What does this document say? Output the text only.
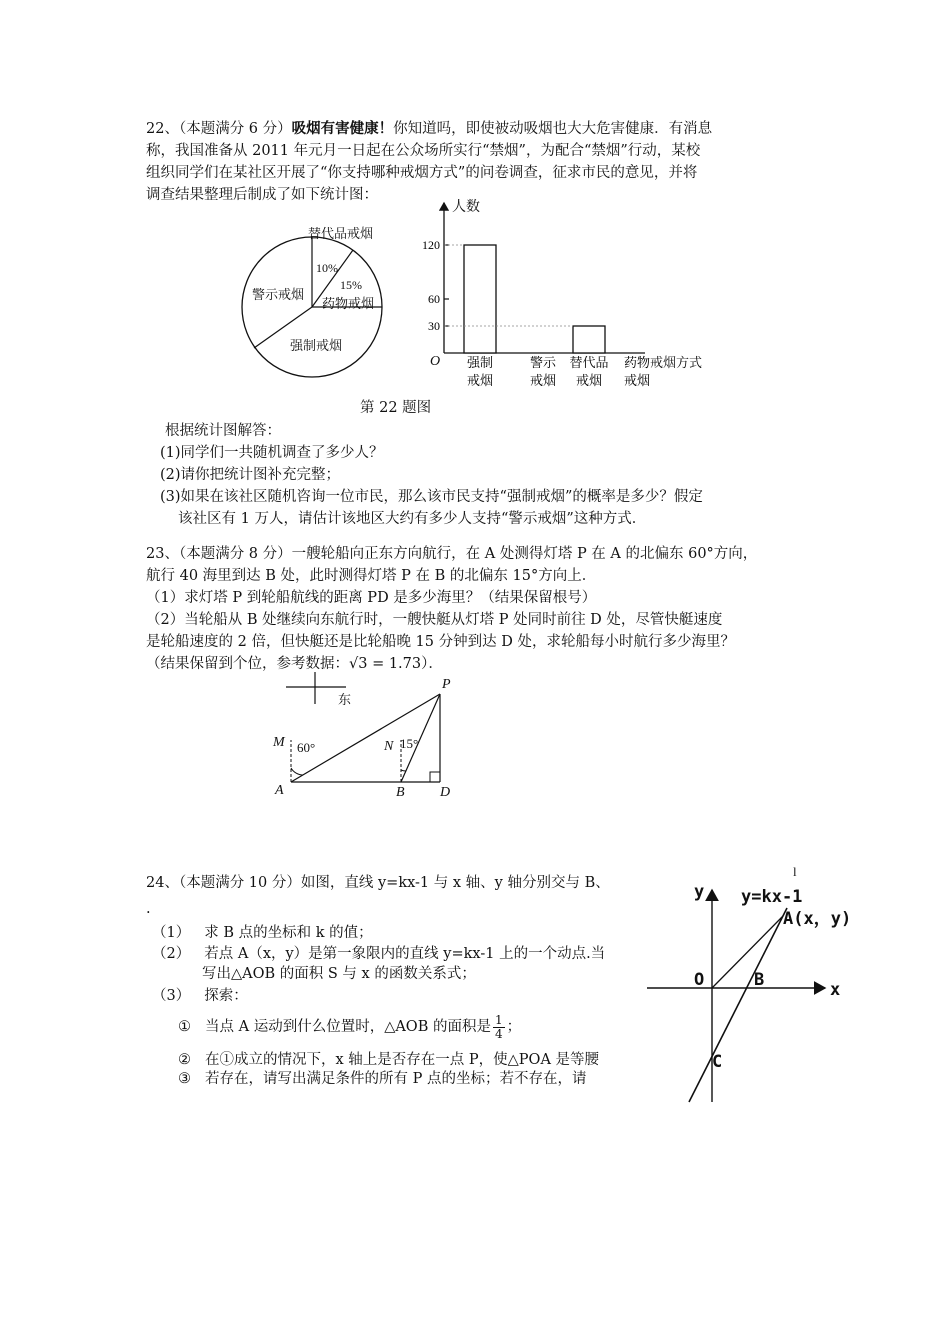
22、（本题满分 6 分）吸烟有害健康！你知道吗，即使被动吸烟也大大危害健康．有消息
称，我国准备从 2011 年元月一日起在公众场所实行“禁烟”，为配合“禁烟”行动，某校
组织同学们在某社区开展了“你支持哪种戒烟方式”的问卷调查，征求市民的意见，并将
调查结果整理后制成了如下统计图：
替代品戒烟
10%
15%
药物戒烟
警示戒烟
强制戒烟
人数
O	戒烟方式
30
60
120
强制
戒烟
警示
戒烟
替代品
戒烟
药物
戒烟
第 22 题图
根据统计图解答：
(1)同学们一共随机调查了多少人？
(2)请你把统计图补充完整；
(3)如果在该社区随机咨询一位市民，那么该市民支持“强制戒烟”的概率是多少？假定
该社区有 1 万人，请估计该地区大约有多少人支持“警示戒烟”这种方式．
23、（本题满分 8 分）一艘轮船向正东方向航行，在 A 处测得灯塔 P 在 A 的北偏东 60°方向，
航行 40 海里到达 B 处，此时测得灯塔 P 在 B 的北偏东 15°方向上．
（1）求灯塔 P 到轮船航线的距离 PD 是多少海里？（结果保留根号）
（2）当轮船从 B 处继续向东航行时，一艘快艇从灯塔 P 处同时前往 D 处，尽管快艇速度
是轮船速度的 2 倍，但快艇还是比轮船晚 15 分钟到达 D 处，求轮船每小时航行多少海里？
（结果保留到个位，参考数据：√3 = 1.73）．
东
P
M	N
A	B	D
60°	15°
24、（本题满分 10 分）如图，直线 y=kx-1 与 x 轴、y 轴分别交与 B、
.
（1） 求 B 点的坐标和 k 的值；
（2） 若点 A（x，y）是第一象限内的直线 y=kx-1 上的一个动点.当
写出△AOB 的面积 S 与 x 的函数关系式；
（3） 探索：
① 当点 A 运动到什么位置时，△AOB 的面积是 $\frac{1}{4}$ ；
② 在①成立的情况下，x 轴上是否存在一点 P，使△POA 是等腰
③ 若存在，请写出满足条件的所有 P 点的坐标；若不存在，请
l
y
x
y=kx-1
A(x，y)
O	B
C
